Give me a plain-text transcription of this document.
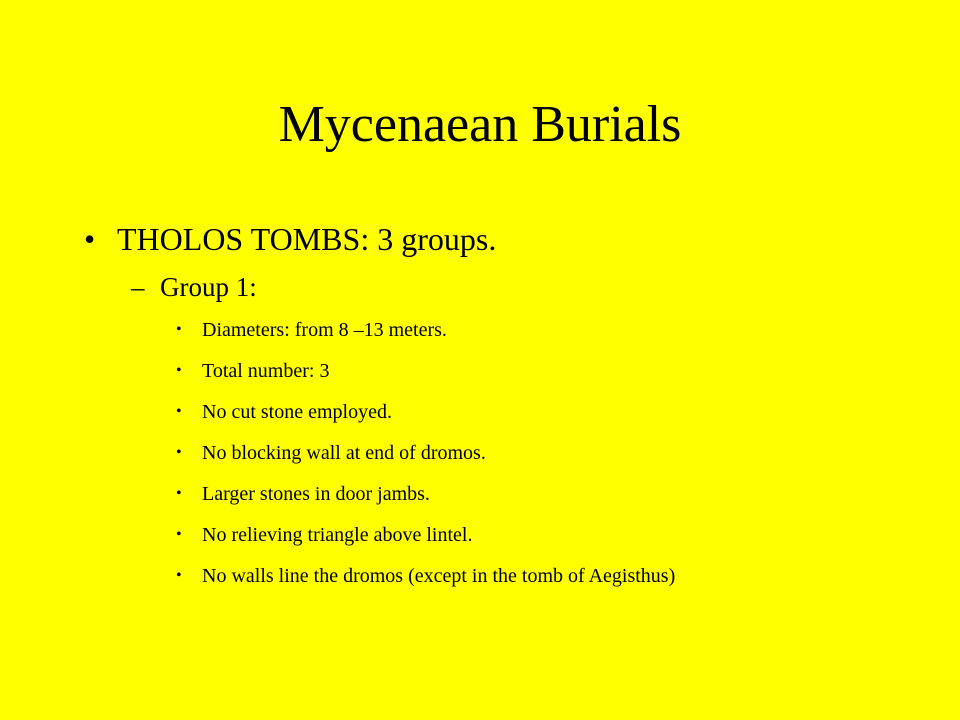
Mycenaean Burials
• THOLOS TOMBS: 3 groups.
– Group 1:
• Diameters: from 8 –13 meters.
• Total number: 3
• No cut stone employed.
• No blocking wall at end of dromos.
• Larger stones in door jambs.
• No relieving triangle above lintel.
• No walls line the dromos (except in the tomb of Aegisthus)
